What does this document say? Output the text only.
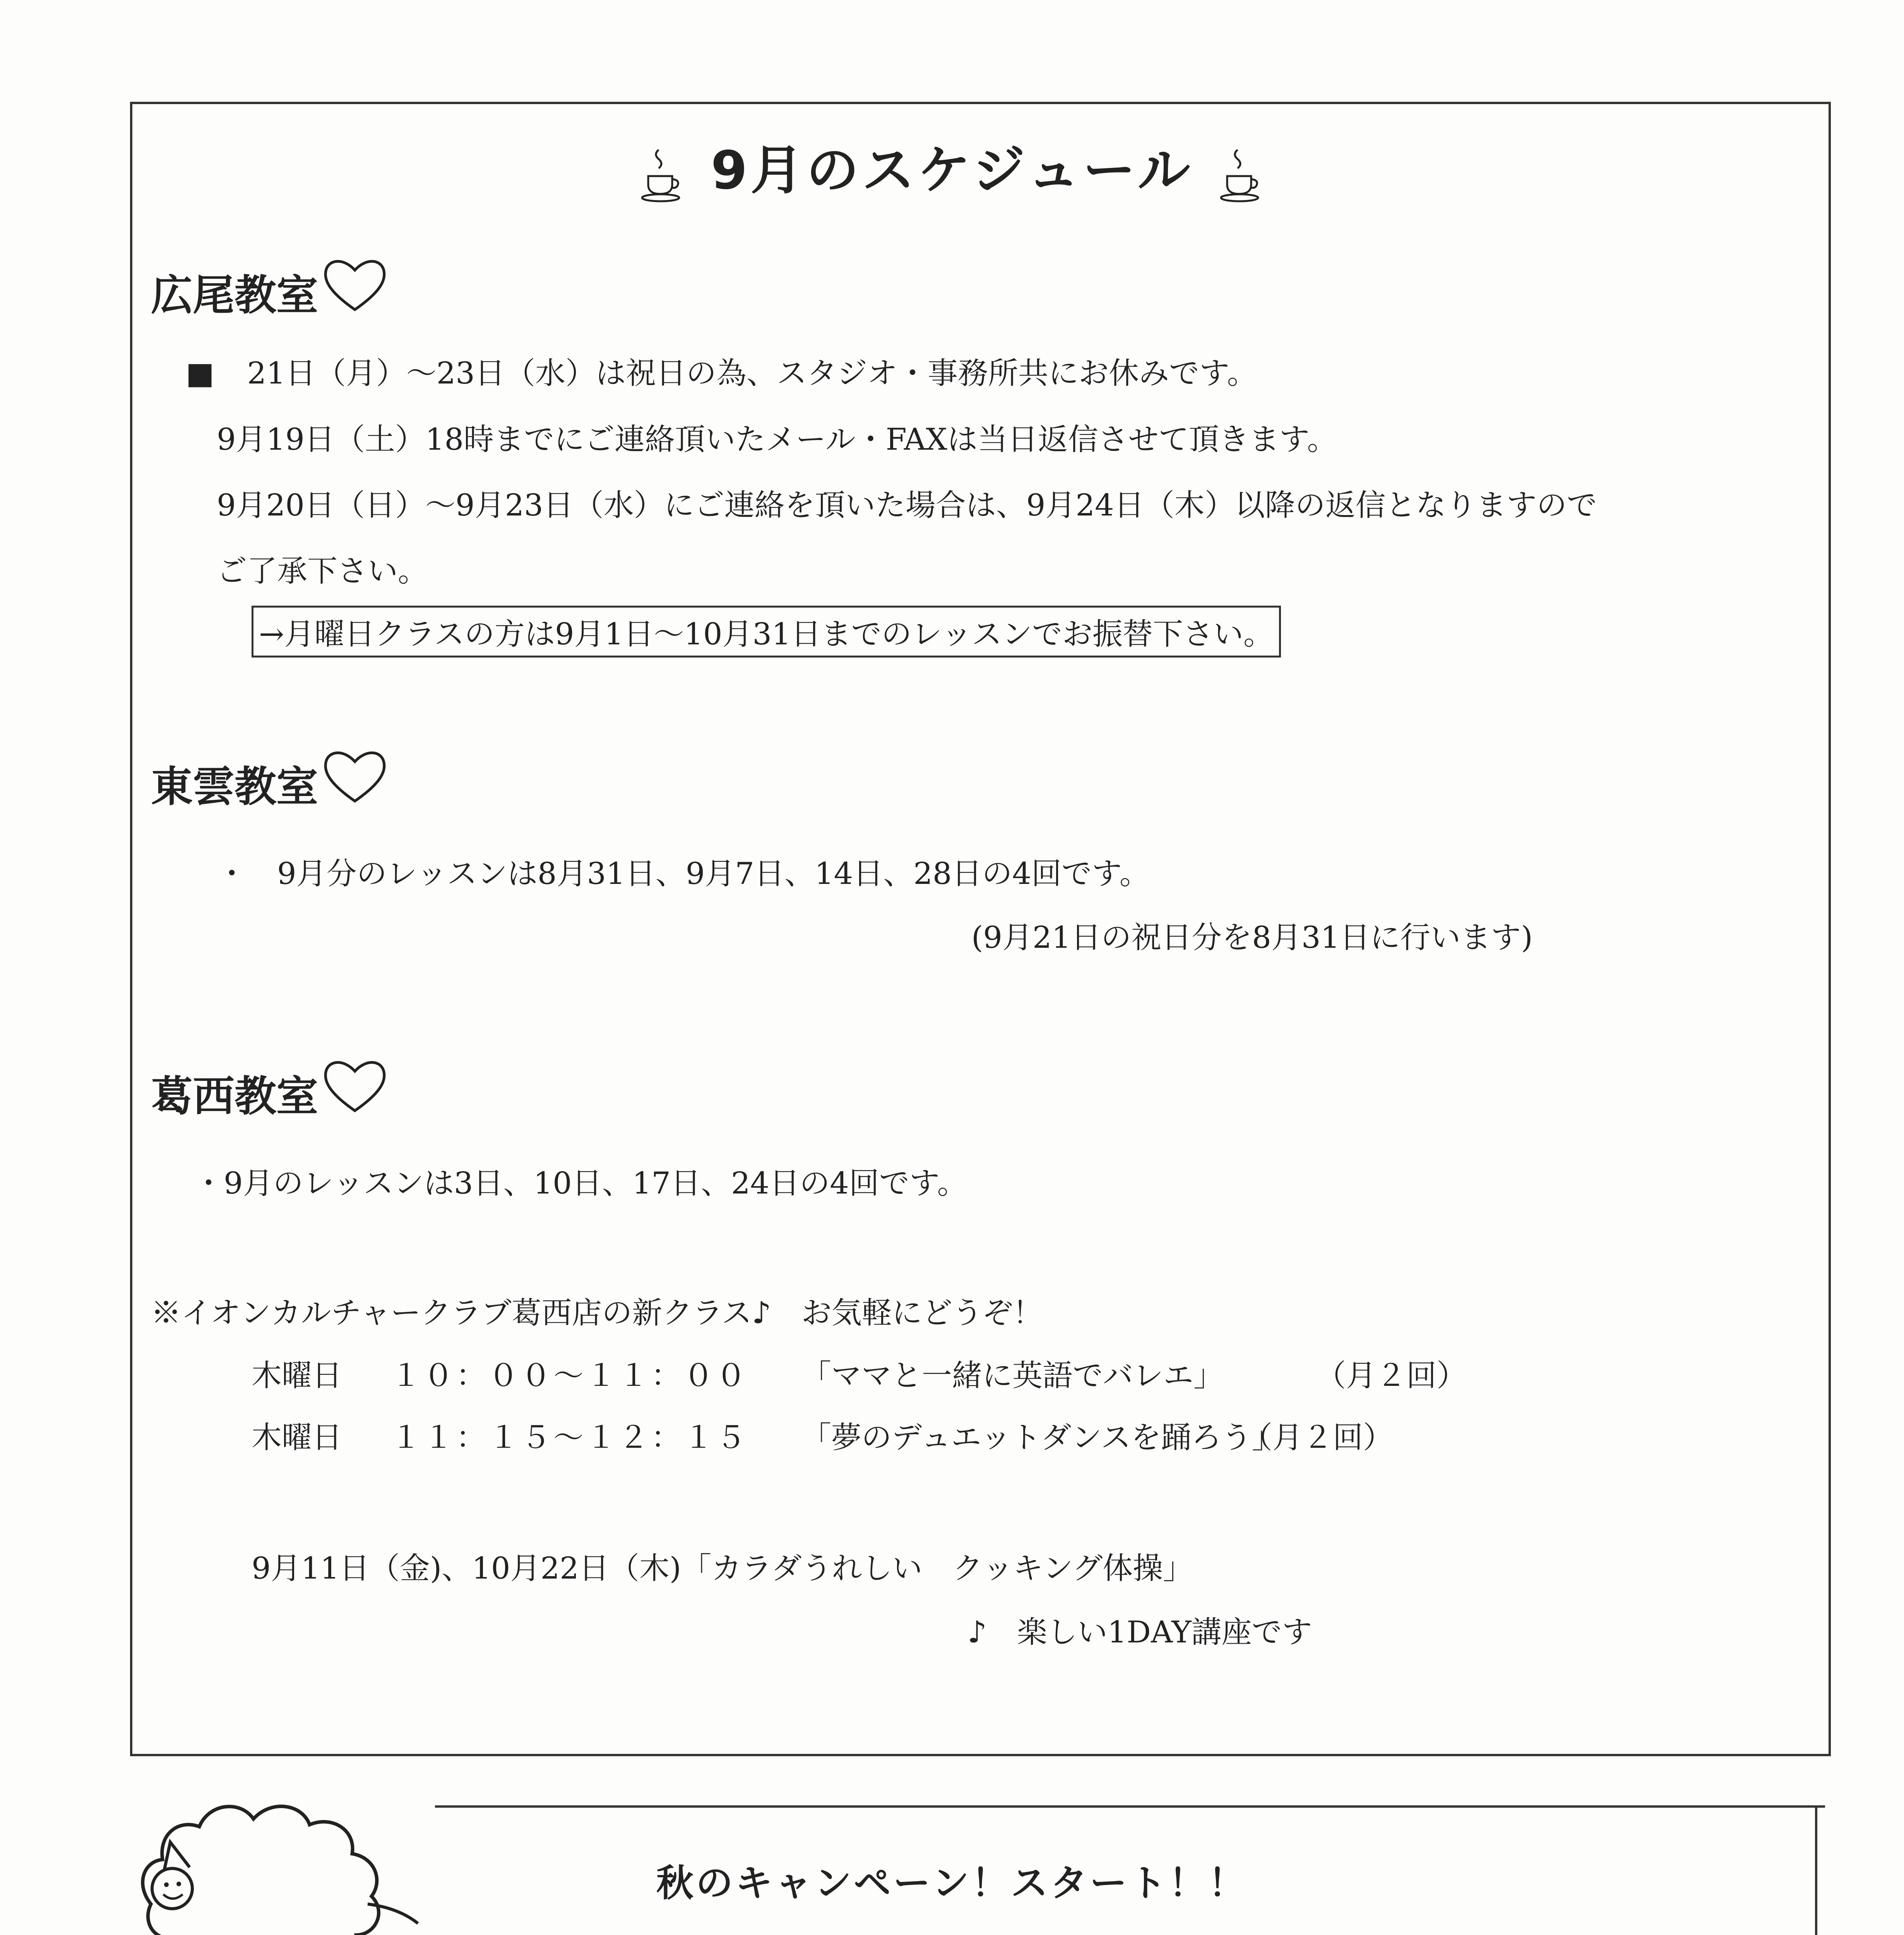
9月のスケジュール
広尾教室
■ 21日（月）～23日（水）は祝日の為、スタジオ・事務所共にお休みです。
9月19日（土）18時までにご連絡頂いたメール・FAXは当日返信させて頂きます。
9月20日（日）～9月23日（水）にご連絡を頂いた場合は、9月24日（木）以降の返信となりますので
ご了承下さい。
→月曜日クラスの方は9月1日～10月31日までのレッスンでお振替下さい。
東雲教室
・　9月分のレッスンは8月31日、9月7日、14日、28日の4回です。
(9月21日の祝日分を8月31日に行います)
葛西教室
・9月のレッスンは3日、10日、17日、24日の4回です。
※イオンカルチャークラブ葛西店の新クラス♪　お気軽にどうぞ！
木曜日 １０：００～１１：００ 「ママと一緒に英語でバレエ」	（月２回）
木曜日 １１：１５～１２：１５ 「夢のデュエットダンスを踊ろう」
（月２回）
9月11日（金)、10月22日（木)「カラダうれしい　クッキング体操」
♪　楽しい1DAY講座です
秋のキャンペーン！スタート！！
